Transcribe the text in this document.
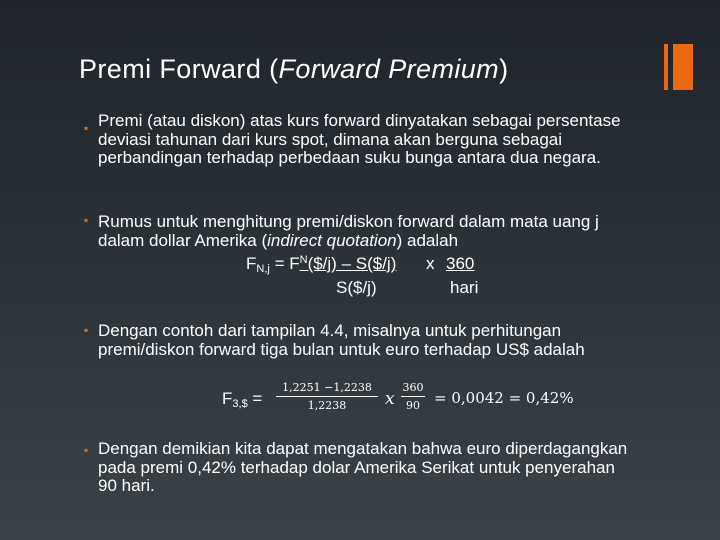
Premi Forward (Forward Premium)
▪ Premi (atau diskon) atas kurs forward dinyatakan sebagai persentase deviasi tahunan dari kurs spot, dimana akan berguna sebagai perbandingan terhadap perbedaan suku bunga antara dua negara.
▪ Rumus untuk menghitung premi/diskon forward dalam mata uang j dalam dollar Amerika (indirect quotation) adalah
$F_{N,j}$ = $F^N(\$/j)$ – S($/j) x 360
S($/j)	hari
▪ Dengan contoh dari tampilan 4.4, misalnya untuk perhitungan premi/diskon forward tiga bulan untuk euro terhadap US$ adalah
$F_{3,\$}$ =
1,2251 −1,2238
1,2238 x
360
90 = 0,0042 = 0,42%
▪ Dengan demikian kita dapat mengatakan bahwa euro diperdagangkan pada premi 0,42% terhadap dolar Amerika Serikat untuk penyerahan 90 hari.
